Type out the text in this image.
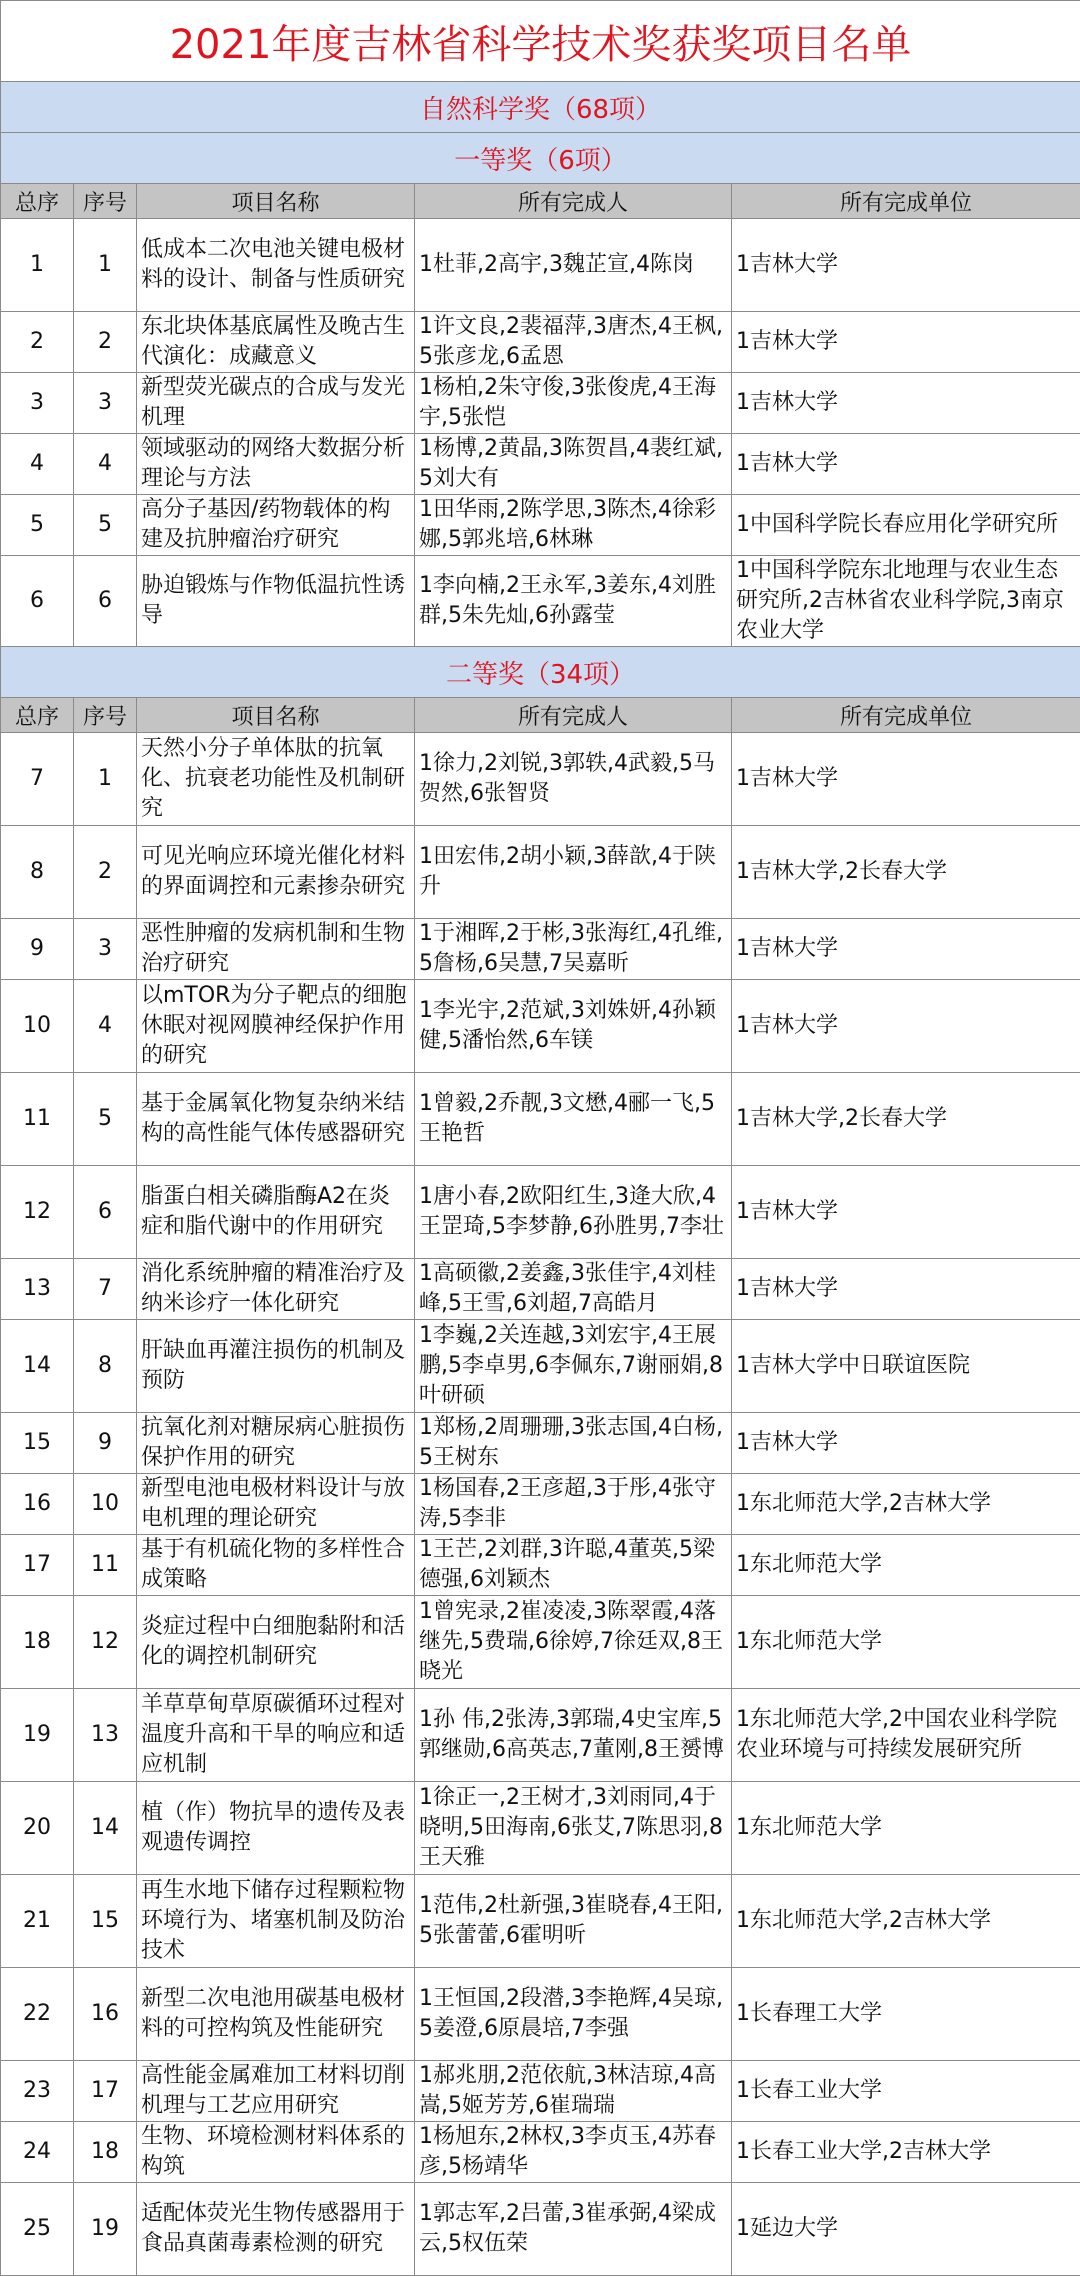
2021年度吉林省科学技术奖获奖项目名单				
自然科学奖（68项）				
一等奖（6项）				
总序	序号	项目名称	所有完成人	所有完成单位
1	1	低成本二次电池关键电极材料的设计、制备与性质研究	1杜菲,2高宇,3魏芷宣,4陈岗	1吉林大学
2	2	东北块体基底属性及晚古生代演化：成藏意义	1许文良,2裴福萍,3唐杰,4王枫,5张彦龙,6孟恩	1吉林大学
3	3	新型荧光碳点的合成与发光机理	1杨柏,2朱守俊,3张俊虎,4王海宇,5张恺	1吉林大学
4	4	领域驱动的网络大数据分析理论与方法	1杨博,2黄晶,3陈贺昌,4裴红斌,5刘大有	1吉林大学
5	5	高分子基因/药物载体的构建及抗肿瘤治疗研究	1田华雨,2陈学思,3陈杰,4徐彩娜,5郭兆培,6林琳	1中国科学院长春应用化学研究所
6	6	胁迫锻炼与作物低温抗性诱导	1李向楠,2王永军,3姜东,4刘胜群,5朱先灿,6孙露莹	1中国科学院东北地理与农业生态研究所,2吉林省农业科学院,3南京农业大学
二等奖（34项）				
总序	序号	项目名称	所有完成人	所有完成单位
7	1	天然小分子单体肽的抗氧化、抗衰老功能性及机制研究	1徐力,2刘锐,3郭轶,4武毅,5马贺然,6张智贤	1吉林大学
8	2	可见光响应环境光催化材料的界面调控和元素掺杂研究	1田宏伟,2胡小颖,3薛歆,4于陕升	1吉林大学,2长春大学
9	3	恶性肿瘤的发病机制和生物治疗研究	1于湘晖,2于彬,3张海红,4孔维,5詹杨,6吴慧,7吴嘉昕	1吉林大学
10	4	以mTOR为分子靶点的细胞休眠对视网膜神经保护作用的研究	1李光宇,2范斌,3刘姝妍,4孙颖健,5潘怡然,6车镁	1吉林大学
11	5	基于金属氧化物复杂纳米结构的高性能气体传感器研究	1曾毅,2乔靓,3文懋,4郦一飞,5王艳哲	1吉林大学,2长春大学
12	6	脂蛋白相关磷脂酶A2在炎症和脂代谢中的作用研究	1唐小春,2欧阳红生,3逄大欣,4王罡琦,5李梦静,6孙胜男,7李壮	1吉林大学
13	7	消化系统肿瘤的精准治疗及纳米诊疗一体化研究	1高硕徽,2姜鑫,3张佳宇,4刘桂峰,5王雪,6刘超,7高皓月	1吉林大学
14	8	肝缺血再灌注损伤的机制及预防	1李巍,2关连越,3刘宏宇,4王展鹏,5李卓男,6李佩东,7谢丽娟,8叶研硕	1吉林大学中日联谊医院
15	9	抗氧化剂对糖尿病心脏损伤保护作用的研究	1郑杨,2周珊珊,3张志国,4白杨,5王树东	1吉林大学
16	10	新型电池电极材料设计与放电机理的理论研究	1杨国春,2王彦超,3于彤,4张守涛,5李非	1东北师范大学,2吉林大学
17	11	基于有机硫化物的多样性合成策略	1王芒,2刘群,3许聪,4董英,5梁德强,6刘颖杰	1东北师范大学
18	12	炎症过程中白细胞黏附和活化的调控机制研究	1曾宪录,2崔凌凌,3陈翠霞,4落继先,5费瑞,6徐婷,7徐廷双,8王晓光	1东北师范大学
19	13	羊草草甸草原碳循环过程对温度升高和干旱的响应和适应机制	1孙 伟,2张涛,3郭瑞,4史宝库,5郭继勋,6高英志,7董刚,8王赟博	1东北师范大学,2中国农业科学院农业环境与可持续发展研究所
20	14	植（作）物抗旱的遗传及表观遗传调控	1徐正一,2王树才,3刘雨同,4于晓明,5田海南,6张艾,7陈思羽,8王天雅	1东北师范大学
21	15	再生水地下储存过程颗粒物环境行为、堵塞机制及防治技术	1范伟,2杜新强,3崔晓春,4王阳,5张蕾蕾,6霍明听	1东北师范大学,2吉林大学
22	16	新型二次电池用碳基电极材料的可控构筑及性能研究	1王恒国,2段潜,3李艳辉,4吴琼,5姜澄,6原晨培,7李强	1长春理工大学
23	17	高性能金属难加工材料切削机理与工艺应用研究	1郝兆朋,2范依航,3林洁琼,4高嵩,5姬芳芳,6崔瑞瑞	1长春工业大学
24	18	生物、环境检测材料体系的构筑	1杨旭东,2林权,3李贞玉,4苏春彦,5杨靖华	1长春工业大学,2吉林大学
25	19	适配体荧光生物传感器用于食品真菌毒素检测的研究	1郭志军,2吕蕾,3崔承弼,4梁成云,5权伍荣	1延边大学
